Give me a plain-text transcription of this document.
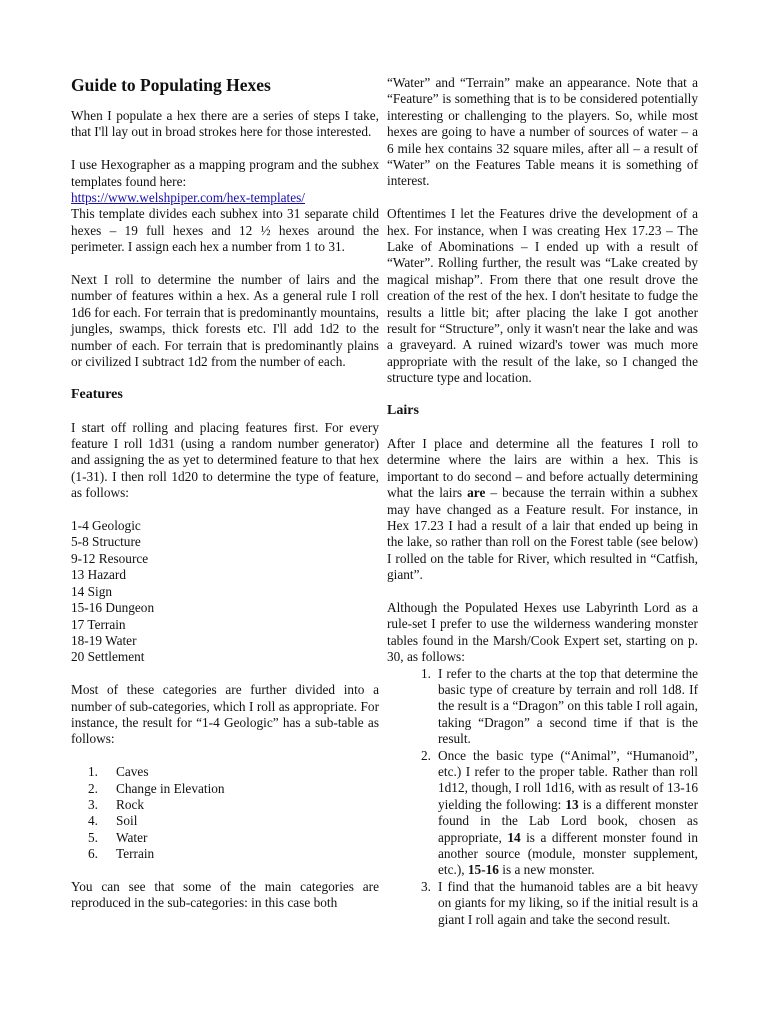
Guide to Populating Hexes

When I populate a hex there are a series of steps I take, that I'll lay out in broad strokes here for those interested.

I use Hexographer as a mapping program and the subhex templates found here:
https://www.welshpiper.com/hex-templates/
This template divides each subhex into 31 separate child hexes – 19 full hexes and 12 ½ hexes around the perimeter. I assign each hex a number from 1 to 31.

Next I roll to determine the number of lairs and the number of features within a hex. As a general rule I roll 1d6 for each. For terrain that is predominantly mountains, jungles, swamps, thick forests etc. I'll add 1d2 to the number of each. For terrain that is predominantly plains or civilized I subtract 1d2 from the number of each.

Features

I start off rolling and placing features first. For every feature I roll 1d31 (using a random number generator) and assigning the as yet to determined feature to that hex (1-31). I then roll 1d20 to determine the type of feature, as follows:

1-4 Geologic
5-8 Structure
9-12 Resource
13 Hazard
14 Sign
15-16 Dungeon
17 Terrain
18-19 Water
20 Settlement

Most of these categories are further divided into a number of sub-categories, which I roll as appropriate. For instance, the result for “1-4 Geologic” has a sub-table as follows:

1.	Caves
2.	Change in Elevation
3.	Rock
4.	Soil
5.	Water
6.	Terrain

You can see that some of the main categories are reproduced in the sub-categories: in this case both

“Water” and “Terrain” make an appearance. Note that a “Feature” is something that is to be considered potentially interesting or challenging to the players. So, while most hexes are going to have a number of sources of water – a 6 mile hex contains 32 square miles, after all – a result of “Water” on the Features Table means it is something of interest.

Oftentimes I let the Features drive the development of a hex. For instance, when I was creating Hex 17.23 – The Lake of Abominations – I ended up with a result of “Water”. Rolling further, the result was “Lake created by magical mishap”. From there that one result drove the creation of the rest of the hex. I don't hesitate to fudge the results a little bit; after placing the lake I got another result for “Structure”, only it wasn't near the lake and was a graveyard. A ruined wizard's tower was much more appropriate with the result of the lake, so I changed the structure type and location.

Lairs

After I place and determine all the features I roll to determine where the lairs are within a hex. This is important to do second – and before actually determining what the lairs are – because the terrain within a subhex may have changed as a Feature result. For instance, in Hex 17.23 I had a result of a lair that ended up being in the lake, so rather than roll on the Forest table (see below) I rolled on the table for River, which resulted in “Catfish, giant”.

Although the Populated Hexes use Labyrinth Lord as a rule-set I prefer to use the wilderness wandering monster tables found in the Marsh/Cook Expert set, starting on p. 30, as follows:

1. I refer to the charts at the top that determine the basic type of creature by terrain and roll 1d8. If the result is a “Dragon” on this table I roll again, taking “Dragon” a second time if that is the result.
2. Once the basic type (“Animal”, “Humanoid”, etc.) I refer to the proper table. Rather than roll 1d12, though, I roll 1d16, with as result of 13-16 yielding the following: 13 is a different monster found in the Lab Lord book, chosen as appropriate, 14 is a different monster found in another source (module, monster supplement, etc.), 15-16 is a new monster.
3. I find that the humanoid tables are a bit heavy on giants for my liking, so if the initial result is a giant I roll again and take the second result.
